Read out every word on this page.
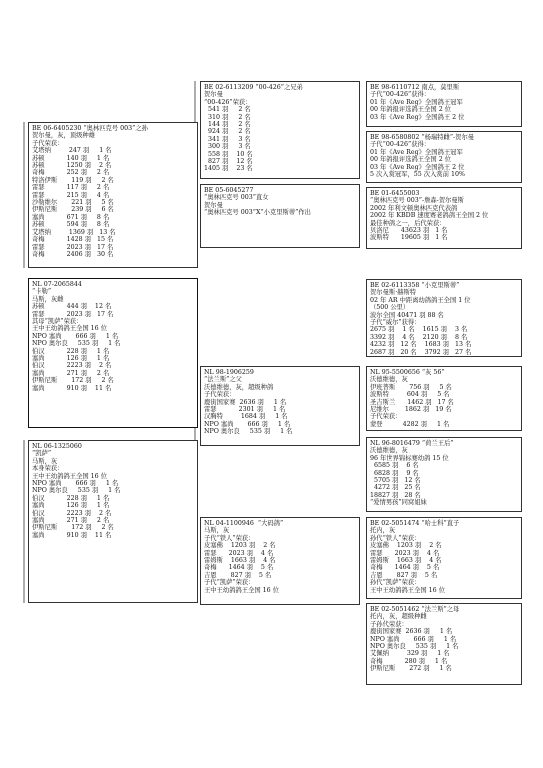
BE 06-6405230 “奥林匹克号 003”之孙
贺尔曼，灰，顶级种雄
子代荣获：
艾塔纳         247 羽     1 名
苏顿           140 羽     1 名
苏顿           1250 羽    2 名
奇梅           252 羽     2 名
特洛伊斯       119 羽     2 名
雷瑟           117 羽     2 名
雷瑟           215 羽     4 名
沙勒维尔       221 羽     5 名
伊斯尼斯       239 羽     6 名
塞尚           671 羽     8 名
苏顿           594 羽     8 名
艾塔纳         1369 羽   13 名
奇梅           1428 羽   15 名
雷瑟           2023 羽   17 名
奇梅           2406 羽   30 名
NL 07-2065844
“卡勒”
马斯，灰雌
苏顿           444 羽    12 名
雷瑟           2023 羽   17 名
其母“凯萨”荣获：
王中王幼鸽鸽王全国 16 位
NPO 塞尚       666 羽     1 名
NPO 奥尔良     535 羽     1 名
伯汉           228 羽     1 名
塞尚           126 羽     1 名
伯汉           2223 羽    2 名
塞尚           271 羽     2 名
伊斯尼斯       172 羽     2 名
塞尚           910 羽    11 名
NL 06-1325060
“凯萨”
马斯，灰
本身荣获：
王中王幼鸽鸽王全国 16 位
NPO 塞尚       666 羽     1 名
NPO 奥尔良     535 羽     1 名
伯汉           228 羽     1 名
塞尚           126 羽     1 名
伯汉           2223 羽    2 名
塞尚           271 羽     2 名
伊斯尼斯       172 羽     2 名
塞尚           910 羽    11 名
BE 02-6113209 “00-426”之兄弟
贺尔曼
“00-426”荣获：
541 羽     2 名
310 羽     2 名
144 羽     2 名
924 羽     2 名
341 羽     3 名
300 羽     3 名
558 羽    10 名
827 羽    12 名
1405 羽    23 名
BE 05-6045277
“奥林匹克号 003”直女
贺尔曼
“奥林匹克号 003”X“小克里斯蒂”作出
NL 98-1906259
“法兰斯”之父
沃德维德，灰，超级种鸽
子代荣获：
鹿街国家赛  2636 羽     1 名
雷瑟           2301 羽     1 名
汉胸特         1684 羽     1 名
NPO 塞尚       666 羽     1 名
NPO 奥尔良     535 羽     1 名
NL 04-1100946  “大码鸽”
马斯，灰
子代“铁人”荣获：
皮塞佛    1203 羽    2 名
雷瑟      2023 羽    4 名
雷姆斯    1663 羽    4 名
奇梅      1464 羽    5 名
吉恩       827 羽    5 名
子代“凯萨”荣获：
王中王幼鸽鸽王全国 16 位
BE 98-6110712 南点，莫里斯
子代“00-426”获得：
01 年《Ave Reg》全国鸽王冠军
00 年鸽报评选鸽王全国 2 位
03 年《Ave Reg》全国鸽王 2 位
BE 98-6580802 “杨瑞特雌”-贺尔曼
子代“00-426”获得：
01 年《Ave Reg》全国鸽王冠军
00 年鸽报评选鸽王全国 2 位
03 年《Ave Reg》全国鸽王 2 位
5 次入赏冠军，55 次入赏前 10%
BE 01-6455003
“奥林匹克号 003”-詹森-贺尔曼斯
2002 年利文顿奥林匹克代表鸽
2002 年 KBDB 速度赛老鸽鸽王全国 2 位
最佳种鸽之一，后代荣获：
贝洛尼      43623 羽   1 名
波斯特      19605 羽   1 名
BE 02-6113358 “小克里斯蒂”
贺尔曼斯·赫斯特
02 年 AR 中距离幼鸽鸽王全国 1 位
（500 公里）
波尔全国 40471 羽 88 名
子代“威尔”获得：
2675 羽    1 名    1615 羽    3 名
3392 羽    4 名    2120 羽    8 名
4232 羽   12 名    1683 羽   13 名
2687 羽   20 名    3792 羽   27 名
NL 95-5500656 “灰 56”
沃德维德，灰
伊班普斯       756 羽     5 名
波斯特         604 羽     5 名
圣吉斯兰      1462 羽   17 名
尼维尔        1862 羽   19 名
子代荣获：
蒙登          4282 羽     1 名
NL 96-8016479 “荷兰王后”
沃德维德，灰
96 年世界锦标赛幼鸽 15 位
6585 羽    6 名
6828 羽    9 名
5705 羽   12 名
4272 羽   25 名
18827 羽   28 名
“爱情男孩”同窝姐妹
BE 02-5051474 “哈士科”直子
托内，灰
孙代“铁人”荣获：
皮塞佛    1203 羽    2 名
雷瑟      2023 羽    4 名
雷姆斯    1663 羽    4 名
奇梅      1464 羽    5 名
吉恩       827 羽    5 名
孙代“凯萨”荣获：
王中王幼鸽鸽王全国 16 位
BE 02-5051462 “法兰斯”之母
托内，灰，超级种雌
子孙代荣获：
鹿街国家赛  2636 羽     1 名
NPO 塞尚       666 羽     1 名
NPO 奥尔良     535 羽     1 名
艾佩纳         329 羽     1 名
奇梅           280 羽     1 名
伊斯尼斯       272 羽     1 名
